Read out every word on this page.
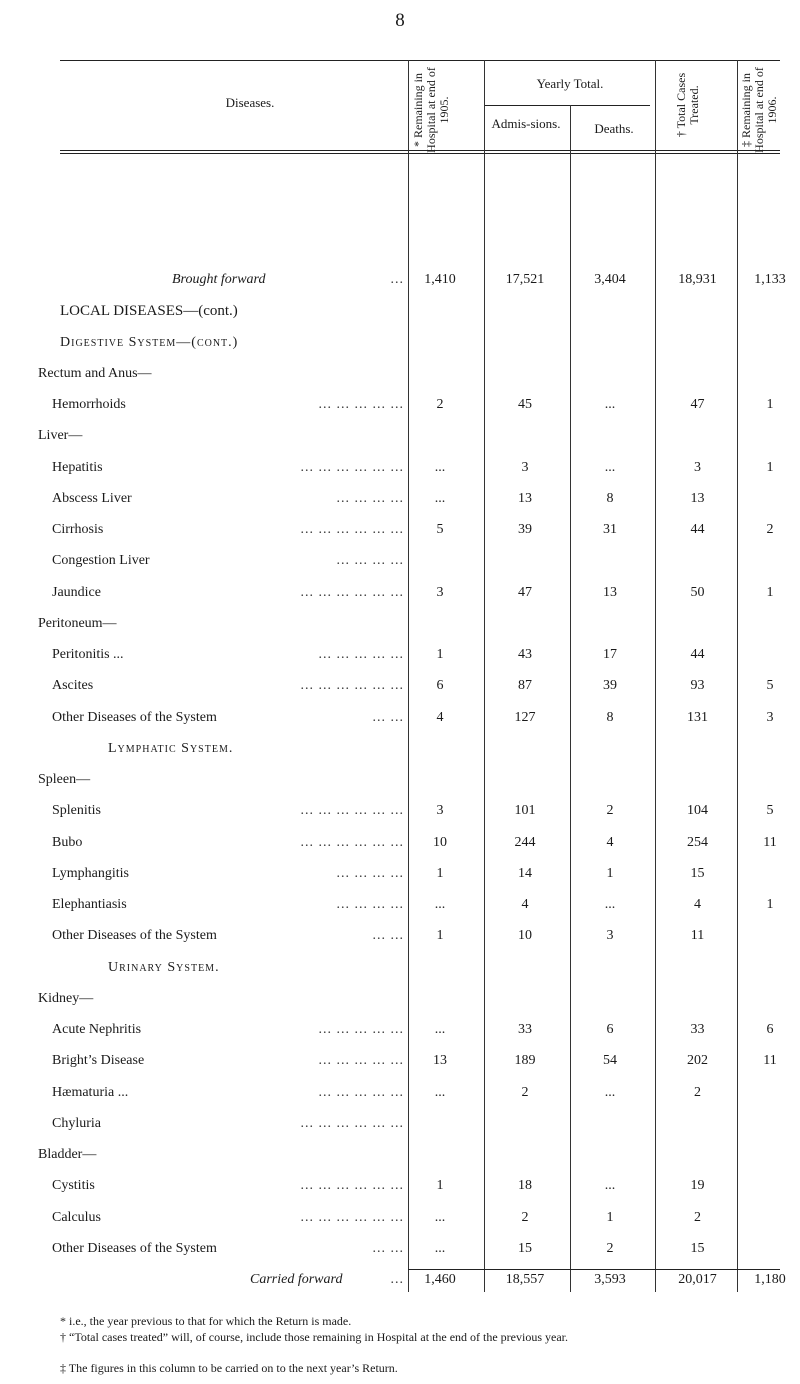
8
Diseases.	* Remaining in Hospital at end of 1905.
Yearly Total.
Admis-sions.	Deaths.	† Total Cases Treated.	‡ Remaining in Hospital at end of 1906.
Brought forward	...	1,410	17,521	3,404	18,931	1,133
LOCAL DISEASES—(cont.)
Digestive System—(cont.)
Rectum and Anus—
Hemorrhoids	... ... ... ... ...	2	45	...	47	1
Liver—
Hepatitis	... ... ... ... ... ...	...	3	...	3	1
Abscess Liver	... ... ... ...	...	13	8	13
Cirrhosis	... ... ... ... ... ...	5	39	31	44	2
Congestion Liver	... ... ... ...
Jaundice	... ... ... ... ... ...	3	47	13	50	1
Peritoneum—
Peritonitis ...	... ... ... ... ...	1	43	17	44
Ascites	... ... ... ... ... ...	6	87	39	93	5
Other Diseases of the System	... ...	4	127	8	131	3
Lymphatic System.
Spleen—
Splenitis	... ... ... ... ... ...	3	101	2	104	5
Bubo	... ... ... ... ... ...	10	244	4	254	11
Lymphangitis	... ... ... ...	1	14	1	15
Elephantiasis	... ... ... ...	...	4	...	4	1
Other Diseases of the System	... ...	1	10	3	11
Urinary System.
Kidney—
Acute Nephritis	... ... ... ... ...	...	33	6	33	6
Bright’s Disease	... ... ... ... ...	13	189	54	202	11
Hæmaturia ...	... ... ... ... ...	...	2	...	2
Chyluria	... ... ... ... ... ...
Bladder—
Cystitis	... ... ... ... ... ...	1	18	...	19
Calculus	... ... ... ... ... ...	...	2	1	2
Other Diseases of the System	... ...	...	15	2	15
Carried forward	...	1,460	18,557	3,593	20,017	1,180
* i.e., the year previous to that for which the Return is made.
† “Total cases treated” will, of course, include those remaining in Hospital at the end of the previous year.
‡ The figures in this column to be carried on to the next year’s Return.
